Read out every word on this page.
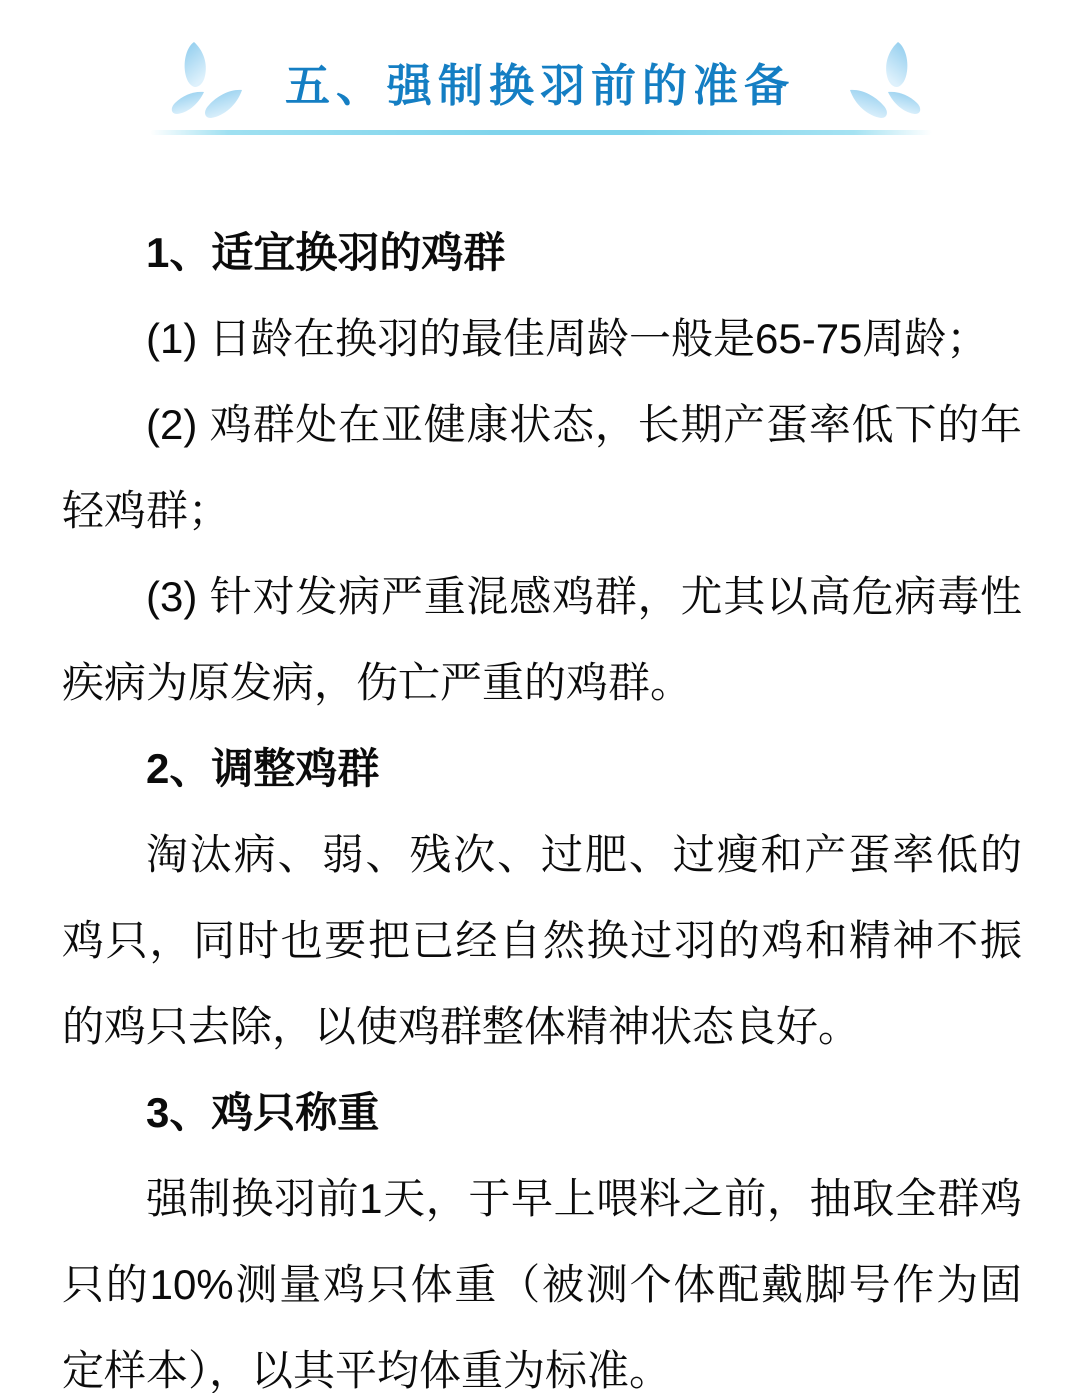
五、强制换羽前的准备

1、适宜换羽的鸡群

(1) 日龄在换羽的最佳周龄一般是65-75周龄；

(2) 鸡群处在亚健康状态，长期产蛋率低下的年轻鸡群；

(3) 针对发病严重混感鸡群，尤其以高危病毒性疾病为原发病，伤亡严重的鸡群。

2、调整鸡群

淘汰病、弱、残次、过肥、过瘦和产蛋率低的鸡只，同时也要把已经自然换过羽的鸡和精神不振的鸡只去除，以使鸡群整体精神状态良好。

3、鸡只称重

强制换羽前1天，于早上喂料之前，抽取全群鸡只的10%测量鸡只体重（被测个体配戴脚号作为固定样本），以其平均体重为标准。
